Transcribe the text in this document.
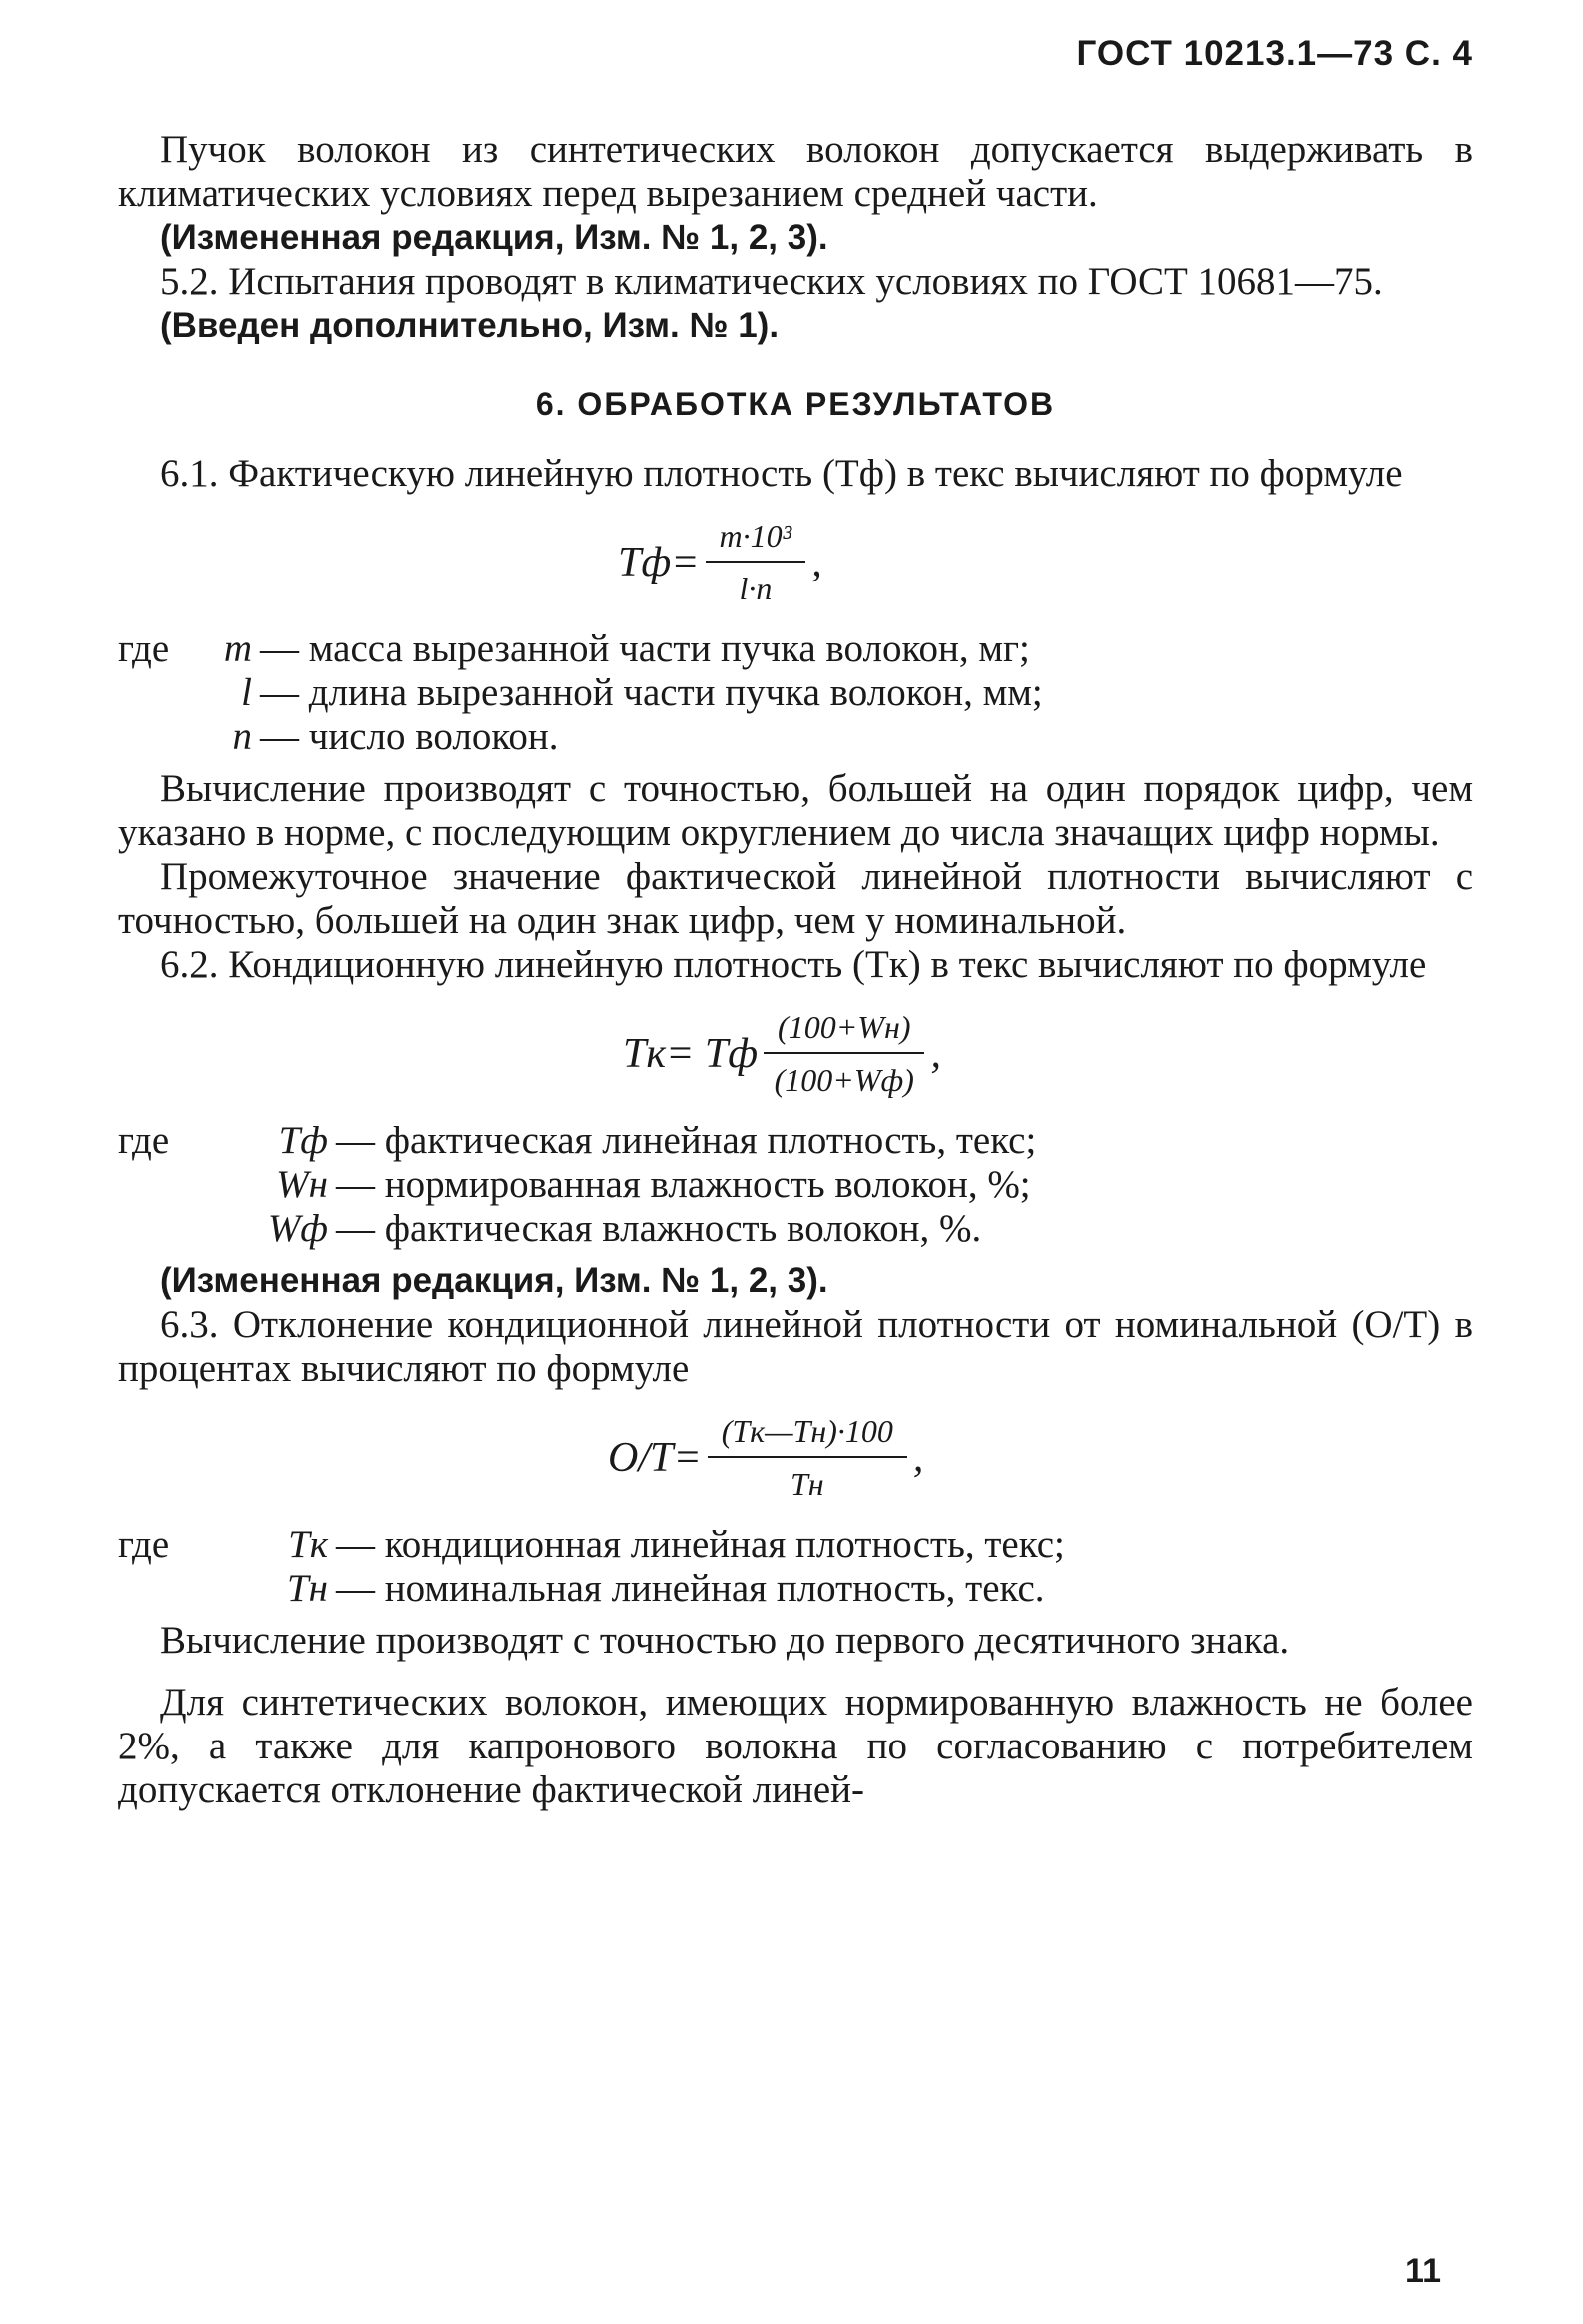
ГОСТ 10213.1—73 С. 4

Пучок волокон из синтетических волокон допускается выдерживать в климатических условиях перед вырезанием средней части.

(Измененная редакция, Изм. № 1, 2, 3).

5.2. Испытания проводят в климатических условиях по ГОСТ 10681—75.

(Введен дополнительно, Изм. № 1).

6. ОБРАБОТКА РЕЗУЛЬТАТОВ

6.1. Фактическую линейную плотность (Tф) в текс вычисляют по формуле

$Tф= \frac{\text{m·10³}}{l\cdot n}$ ,
где	m — масса вырезанной части пучка волокон, мг;
l — длина вырезанной части пучка волокон, мм;
n — число волокон.

Вычисление производят с точностью, большей на один порядок цифр, чем указано в норме, с последующим округлением до числа значащих цифр нормы.

Промежуточное значение фактической линейной плотности вычисляют с точностью, большей на один знак цифр, чем у номинальной.

6.2. Кондиционную линейную плотность (Tк) в текс вычисляют по формуле

Tк= Tф $\frac{(100+Wн)}{(100+Wф)}$ ,
где	Tф — фактическая линейная плотность, текс;
Wн — нормированная влажность волокон, %;
Wф — фактическая влажность волокон, %.

(Измененная редакция, Изм. № 1, 2, 3).

6.3. Отклонение кондиционной линейной плотности от номинальной (O/T) в процентах вычисляют по формуле

$O/T= \frac{(Tк—Tн)\cdot 100}{Tн}$ ,
где	Tк — кондиционная линейная плотность, текс;
Tн — номинальная линейная плотность, текс.

Вычисление производят с точностью до первого десятичного знака.

Для синтетических волокон, имеющих нормированную влажность не более 2%, а также для капронового волокна по согласованию с потребителем допускается отклонение фактической линей-

11
